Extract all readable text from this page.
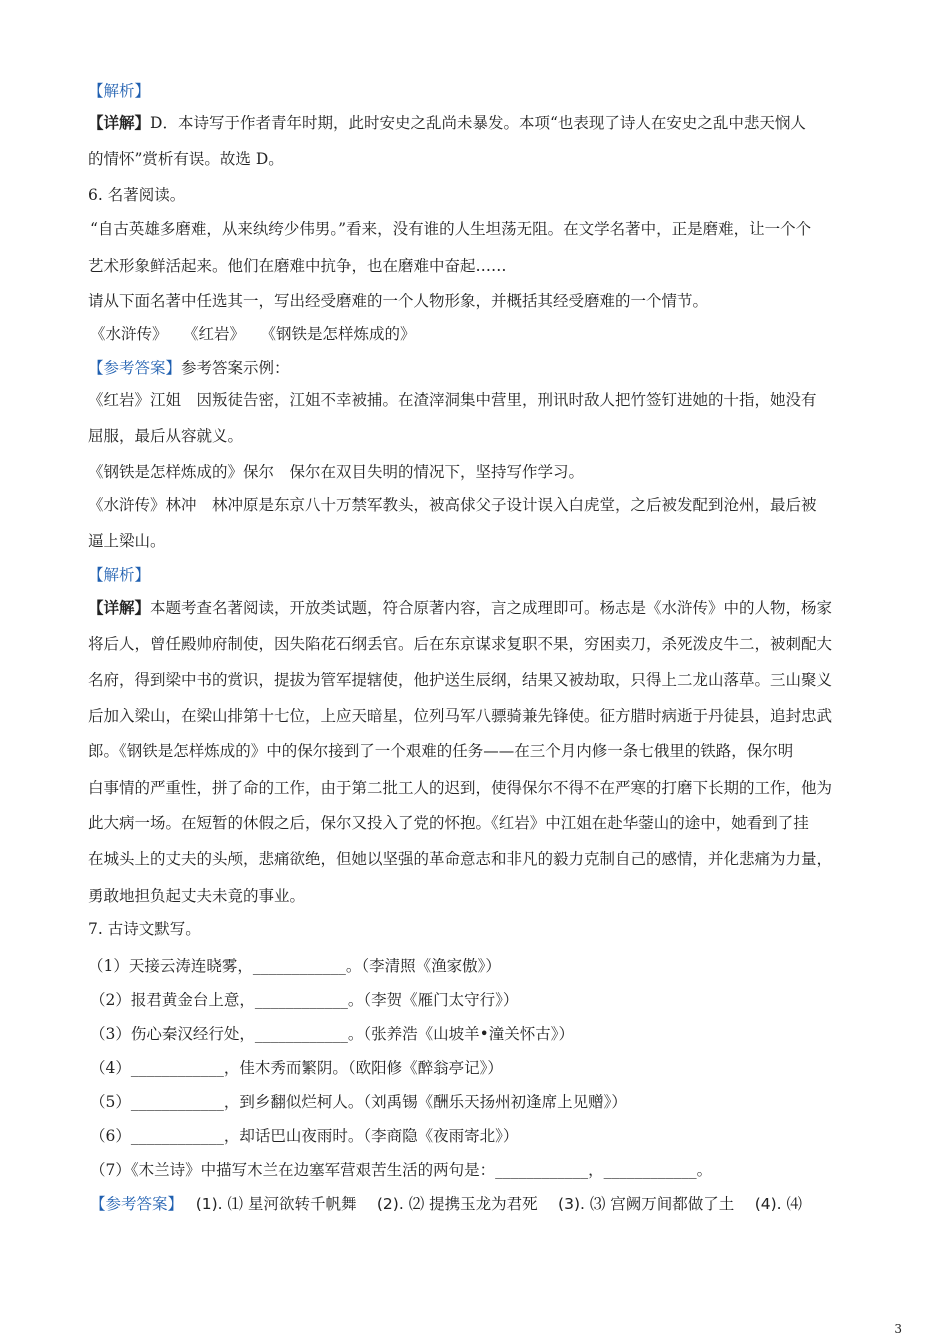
【解析】
【详解】D．本诗写于作者青年时期，此时安史之乱尚未暴发。本项“也表现了诗人在安史之乱中悲天悯人
的情怀”赏析有误。故选 D。
6. 名著阅读。
“自古英雄多磨难，从来纨绔少伟男。”看来，没有谁的人生坦荡无阻。在文学名著中，正是磨难，让一个个
艺术形象鲜活起来。他们在磨难中抗争，也在磨难中奋起……
请从下面名著中任选其一，写出经受磨难的一个人物形象，并概括其经受磨难的一个情节。
《水浒传》　　《红岩》　　《钢铁是怎样炼成的》
【参考答案】参考答案示例：
《红岩》江姐　因叛徒告密，江姐不幸被捕。在渣滓洞集中营里，刑讯时敌人把竹签钉进她的十指，她没有
屈服，最后从容就义。
《钢铁是怎样炼成的》保尔　保尔在双目失明的情况下，坚持写作学习。
《水浒传》林冲　林冲原是东京八十万禁军教头，被高俅父子设计误入白虎堂，之后被发配到沧州，最后被
逼上梁山。
【解析】
【详解】本题考查名著阅读，开放类试题，符合原著内容，言之成理即可。杨志是《水浒传》中的人物，杨家
将后人，曾任殿帅府制使，因失陷花石纲丢官。后在东京谋求复职不果，穷困卖刀，杀死泼皮牛二，被刺配大
名府，得到梁中书的赏识，提拔为管军提辖使，他护送生辰纲，结果又被劫取，只得上二龙山落草。三山聚义
后加入梁山，在梁山排第十七位，上应天暗星，位列马军八骠骑兼先锋使。征方腊时病逝于丹徒县，追封忠武
郎。《钢铁是怎样炼成的》中的保尔接到了一个艰难的任务——在三个月内修一条七俄里的铁路，保尔明
白事情的严重性，拼了命的工作，由于第二批工人的迟到，使得保尔不得不在严寒的打磨下长期的工作，他为
此大病一场。在短暂的休假之后，保尔又投入了党的怀抱。《红岩》中江姐在赴华蓥山的途中，她看到了挂
在城头上的丈夫的头颅，悲痛欲绝，但她以坚强的革命意志和非凡的毅力克制自己的感情，并化悲痛为力量，
勇敢地担负起丈夫未竟的事业。
7. 古诗文默写。
（1）天接云涛连晓雾，____________。（李清照《渔家傲》）
（2）报君黄金台上意，____________。（李贺《雁门太守行》）
（3）伤心秦汉经行处，____________。（张养浩《山坡羊•潼关怀古》）
（4）____________，佳木秀而繁阴。（欧阳修《醉翁亭记》）
（5）____________，到乡翻似烂柯人。（刘禹锡《酬乐天扬州初逢席上见赠》）
（6）____________，却话巴山夜雨时。（李商隐《夜雨寄北》）
（7）《木兰诗》中描写木兰在边塞军营艰苦生活的两句是：____________，____________。
【参考答案】　 (1). ⑴ 星河欲转千帆舞　 (2). ⑵ 提携玉龙为君死　 (3). ⑶ 宫阙万间都做了土　 (4). ⑷
3
